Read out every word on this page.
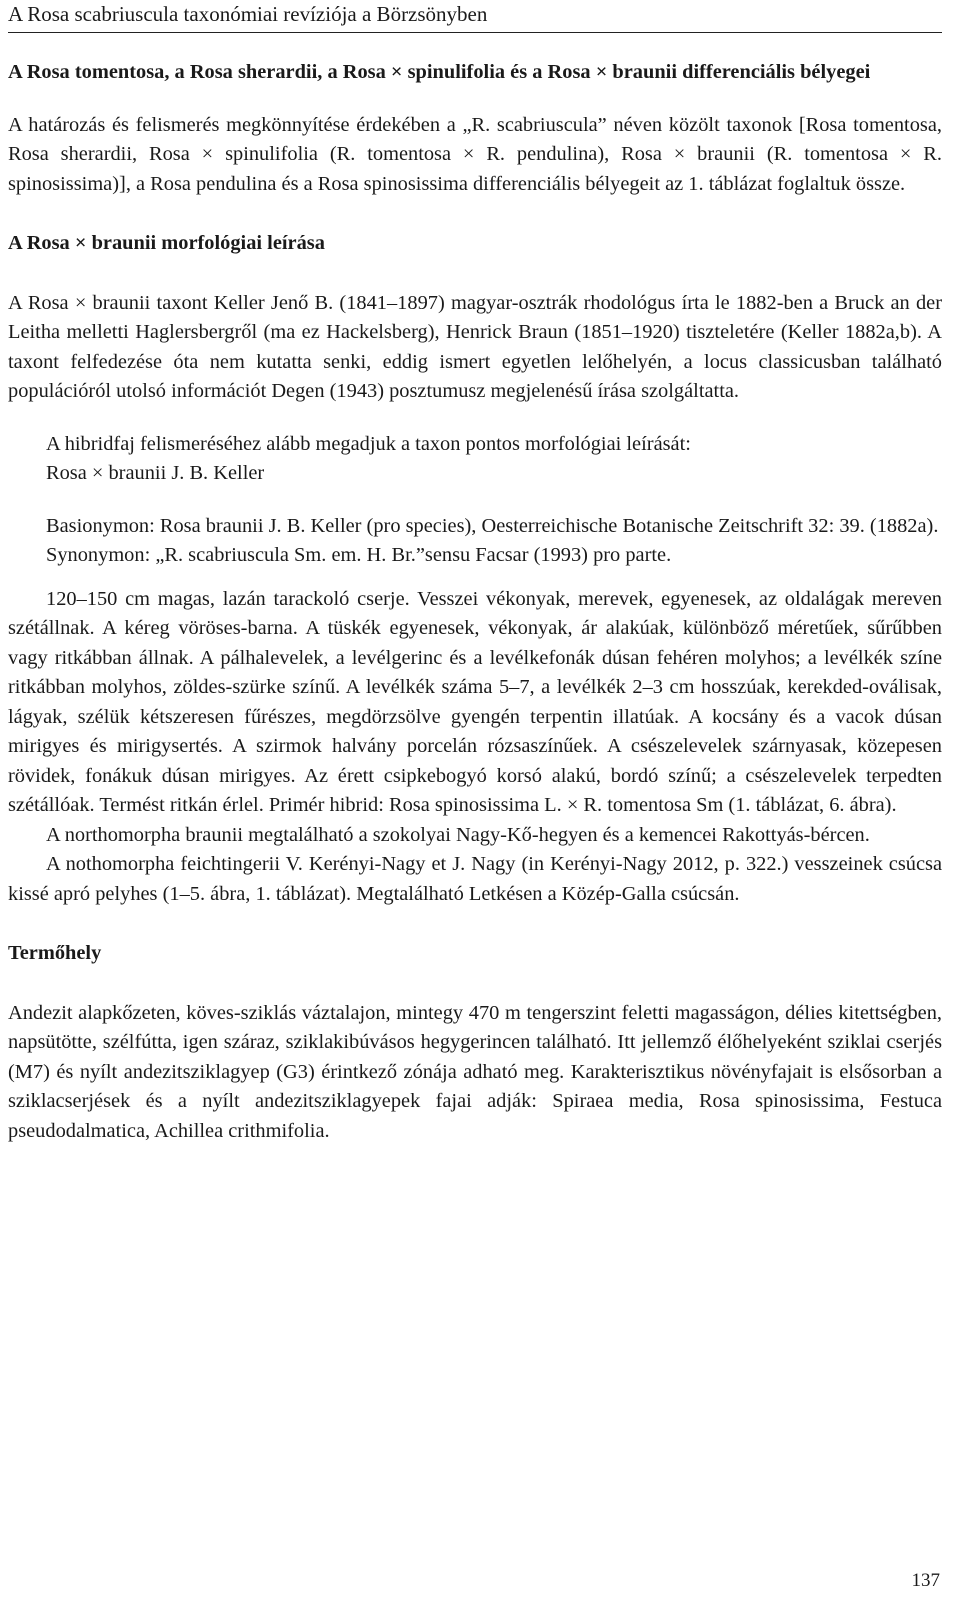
A Rosa scabriuscula taxonómiai revíziója a Börzsönyben

A Rosa tomentosa, a Rosa sherardii, a Rosa × spinulifolia és a Rosa × braunii differenciális bélyegei

A határozás és felismerés megkönnyítése érdekében a „R. scabriuscula” néven közölt taxonok [Rosa tomentosa, Rosa sherardii, Rosa × spinulifolia (R. tomentosa × R. pendulina), Rosa × braunii (R. tomentosa × R. spinosissima)], a Rosa pendulina és a Rosa spinosissima differenciális bélyegeit az 1. táblázat foglaltuk össze.

A Rosa × braunii morfológiai leírása

A Rosa × braunii taxont Keller Jenő B. (1841–1897) magyar-osztrák rhodológus írta le 1882-ben a Bruck an der Leitha melletti Haglersbergről (ma ez Hackelsberg), Henrick Braun (1851–1920) tiszteletére (Keller 1882a,b). A taxont felfedezése óta nem kutatta senki, eddig ismert egyetlen lelőhelyén, a locus classicusban található populációról utolsó információt Degen (1943) posztumusz megjelenésű írása szolgáltatta.

A hibridfaj felismeréséhez alább megadjuk a taxon pontos morfológiai leírását:

Rosa × braunii J. B. Keller

Basionymon: Rosa braunii J. B. Keller (pro species), Oesterreichische Botanische Zeitschrift 32: 39. (1882a).

Synonymon: „R. scabriuscula Sm. em. H. Br.”sensu Facsar (1993) pro parte.

120–150 cm magas, lazán tarackoló cserje. Vesszei vékonyak, merevek, egyenesek, az oldalágak mereven szétállnak. A kéreg vöröses-barna. A tüskék egyenesek, vékonyak, ár alakúak, különböző méretűek, sűrűbben vagy ritkábban állnak. A pálhalevelek, a levélgerinc és a levélkefonák dúsan fehéren molyhos; a levélkék színe ritkábban molyhos, zöldes-szürke színű. A levélkék száma 5–7, a levélkék 2–3 cm hosszúak, kerekded-oválisak, lágyak, szélük kétszeresen fűrészes, megdörzsölve gyengén terpentin illatúak. A kocsány és a vacok dúsan mirigyes és mirigysertés. A szirmok halvány porcelán rózsaszínűek. A csészelevelek szárnyasak, közepesen rövidek, fonákuk dúsan mirigyes. Az érett csipkebogyó korsó alakú, bordó színű; a csészelevelek terpedten szétállóak. Termést ritkán érlel. Primér hibrid: Rosa spinosissima L. × R. tomentosa Sm (1. táblázat, 6. ábra).

A northomorpha braunii megtalálható a szokolyai Nagy-Kő-hegyen és a kemencei Rakottyás-bércen.

A nothomorpha feichtingerii V. Kerényi-Nagy et J. Nagy (in Kerényi-Nagy 2012, p. 322.) vesszeinek csúcsa kissé apró pelyhes (1–5. ábra, 1. táblázat). Megtalálható Letkésen a Közép-Galla csúcsán.

Termőhely

Andezit alapkőzeten, köves-sziklás váztalajon, mintegy 470 m tengerszint feletti magasságon, délies kitettségben, napsütötte, szélfútta, igen száraz, sziklakibúvásos hegygerincen található. Itt jellemző élőhelyeként sziklai cserjés (M7) és nyílt andezitsziklagyep (G3) érintkező zónája adható meg. Karakterisztikus növényfajait is elsősorban a sziklacserjések és a nyílt andezitsziklagyepek fajai adják: Spiraea media, Rosa spinosissima, Festuca pseudodalmatica, Achillea crithmifolia.

137
